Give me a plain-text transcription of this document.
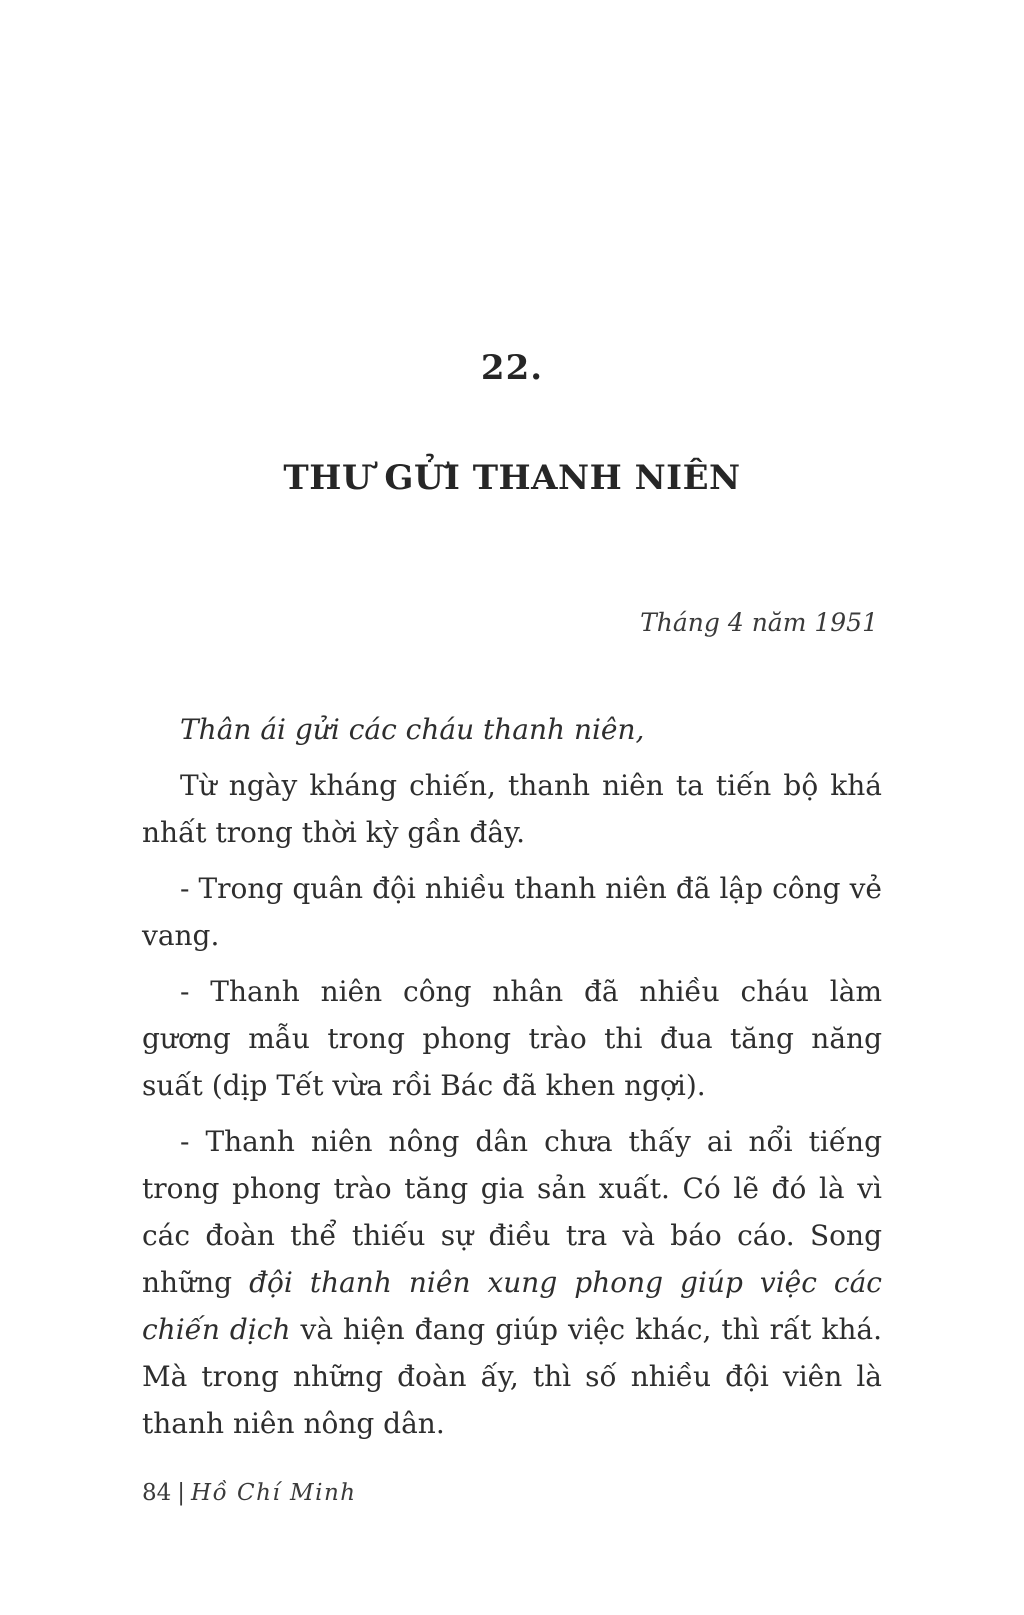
22.
THƯ GỬI THANH NIÊN
Tháng 4 năm 1951

Thân ái gửi các cháu thanh niên,

Từ ngày kháng chiến, thanh niên ta tiến bộ khá nhất trong thời kỳ gần đây.

- Trong quân đội nhiều thanh niên đã lập công vẻ vang.

- Thanh niên công nhân đã nhiều cháu làm gương mẫu trong phong trào thi đua tăng năng suất (dịp Tết vừa rồi Bác đã khen ngợi).

- Thanh niên nông dân chưa thấy ai nổi tiếng trong phong trào tăng gia sản xuất. Có lẽ đó là vì các đoàn thể thiếu sự điều tra và báo cáo. Song những đội thanh niên xung phong giúp việc các chiến dịch và hiện đang giúp việc khác, thì rất khá. Mà trong những đoàn ấy, thì số nhiều đội viên là thanh niên nông dân.

84 | Hồ Chí Minh
